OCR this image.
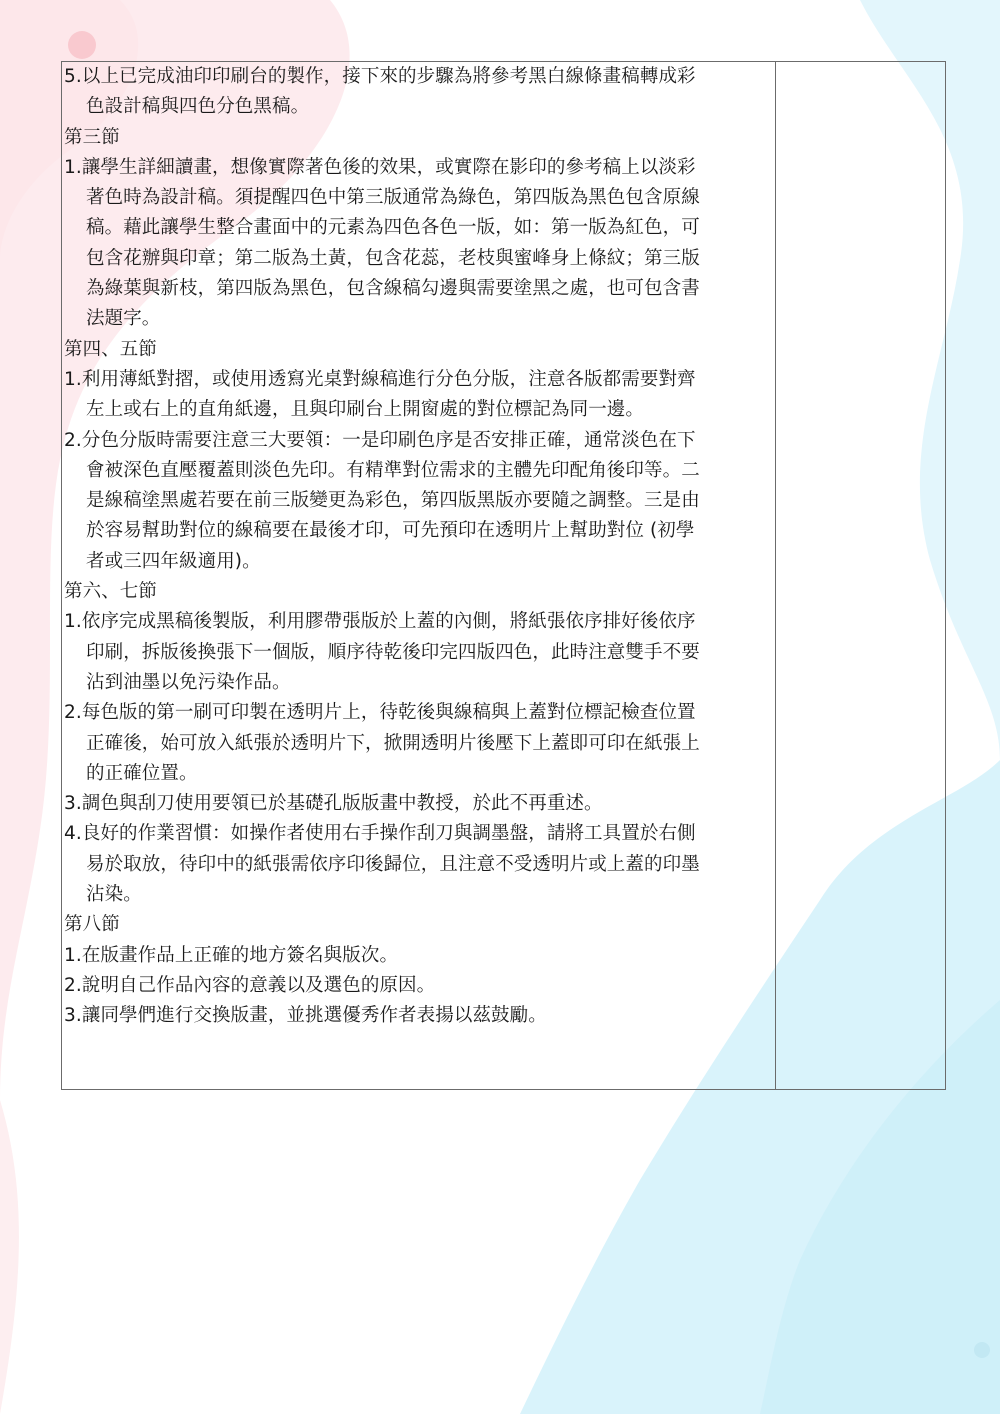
5.以上已完成油印印刷台的製作，接下來的步驟為將參考黑白線條畫稿轉成彩
色設計稿與四色分色黑稿。
第三節
1.讓學生詳細讀畫，想像實際著色後的效果，或實際在影印的參考稿上以淡彩
著色時為設計稿。須提醒四色中第三版通常為綠色，第四版為黑色包含原線
稿。藉此讓學生整合畫面中的元素為四色各色一版，如：第一版為紅色，可
包含花辦與印章；第二版為土黃，包含花蕊，老枝與蜜峰身上條紋；第三版
為綠葉與新枝，第四版為黑色，包含線稿勾邊與需要塗黑之處，也可包含書
法題字。
第四、五節
1.利用薄紙對摺，或使用透寫光桌對線稿進行分色分版，注意各版都需要對齊
左上或右上的直角紙邊，且與印刷台上開窗處的對位標記為同一邊。
2.分色分版時需要注意三大要領：一是印刷色序是否安排正確，通常淡色在下
會被深色直壓覆蓋則淡色先印。有精準對位需求的主體先印配角後印等。二
是線稿塗黑處若要在前三版變更為彩色，第四版黑版亦要隨之調整。三是由
於容易幫助對位的線稿要在最後才印，可先預印在透明片上幫助對位 (初學
者或三四年級適用)。
第六、七節
1.依序完成黑稿後製版，利用膠帶張版於上蓋的內側，將紙張依序排好後依序
印刷，拆版後換張下一個版，順序待乾後印完四版四色，此時注意雙手不要
沾到油墨以免污染作品。
2.每色版的第一刷可印製在透明片上，待乾後與線稿與上蓋對位標記檢查位置
正確後，始可放入紙張於透明片下，掀開透明片後壓下上蓋即可印在紙張上
的正確位置。
3.調色與刮刀使用要領已於基礎孔版版畫中教授，於此不再重述。
4.良好的作業習慣：如操作者使用右手操作刮刀與調墨盤，請將工具置於右側
易於取放，待印中的紙張需依序印後歸位，且注意不受透明片或上蓋的印墨
沾染。
第八節
1.在版畫作品上正確的地方簽名與版次。
2.說明自己作品內容的意義以及選色的原因。
3.讓同學們進行交換版畫，並挑選優秀作者表揚以茲鼓勵。
